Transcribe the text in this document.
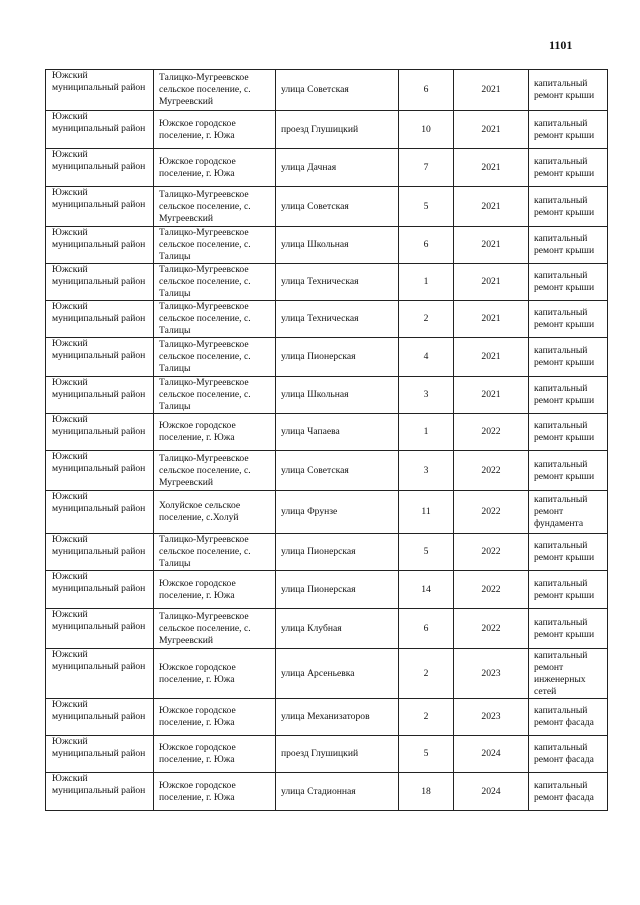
1101
Южский муниципальный район	Талицко-Мугреевское сельское поселение, с. Мугреевский	улица Советская	6	2021	капитальный ремонт крыши
Южский муниципальный район	Южское городское поселение, г. Южа	проезд Глушицкий	10	2021	капитальный ремонт крыши
Южский муниципальный район	Южское городское поселение, г. Южа	улица Дачная	7	2021	капитальный ремонт крыши
Южский муниципальный район	Талицко-Мугреевское сельское поселение, с. Мугреевский	улица Советская	5	2021	капитальный ремонт крыши
Южский муниципальный район	Талицко-Мугреевское сельское поселение, с. Талицы	улица Школьная	6	2021	капитальный ремонт крыши
Южский муниципальный район	Талицко-Мугреевское сельское поселение, с. Талицы	улица Техническая	1	2021	капитальный ремонт крыши
Южский муниципальный район	Талицко-Мугреевское сельское поселение, с. Талицы	улица Техническая	2	2021	капитальный ремонт крыши
Южский муниципальный район	Талицко-Мугреевское сельское поселение, с. Талицы	улица Пионерская	4	2021	капитальный ремонт крыши
Южский муниципальный район	Талицко-Мугреевское сельское поселение, с. Талицы	улица Школьная	3	2021	капитальный ремонт крыши
Южский муниципальный район	Южское городское поселение, г. Южа	улица Чапаева	1	2022	капитальный ремонт крыши
Южский муниципальный район	Талицко-Мугреевское сельское поселение, с. Мугреевский	улица Советская	3	2022	капитальный ремонт крыши
Южский муниципальный район	Холуйское сельское поселение, с.Холуй	улица Фрунзе	11	2022	капитальный ремонт фундамента
Южский муниципальный район	Талицко-Мугреевское сельское поселение, с. Талицы	улица Пионерская	5	2022	капитальный ремонт крыши
Южский муниципальный район	Южское городское поселение, г. Южа	улица Пионерская	14	2022	капитальный ремонт крыши
Южский муниципальный район	Талицко-Мугреевское сельское поселение, с. Мугреевский	улица Клубная	6	2022	капитальный ремонт крыши
Южский муниципальный район	Южское городское поселение, г. Южа	улица Арсеньевка	2	2023	капитальный ремонт инженерных сетей
Южский муниципальный район	Южское городское поселение, г. Южа	улица Механизаторов	2	2023	капитальный ремонт фасада
Южский муниципальный район	Южское городское поселение, г. Южа	проезд Глушицкий	5	2024	капитальный ремонт фасада
Южский муниципальный район	Южское городское поселение, г. Южа	улица Стадионная	18	2024	капитальный ремонт фасада
